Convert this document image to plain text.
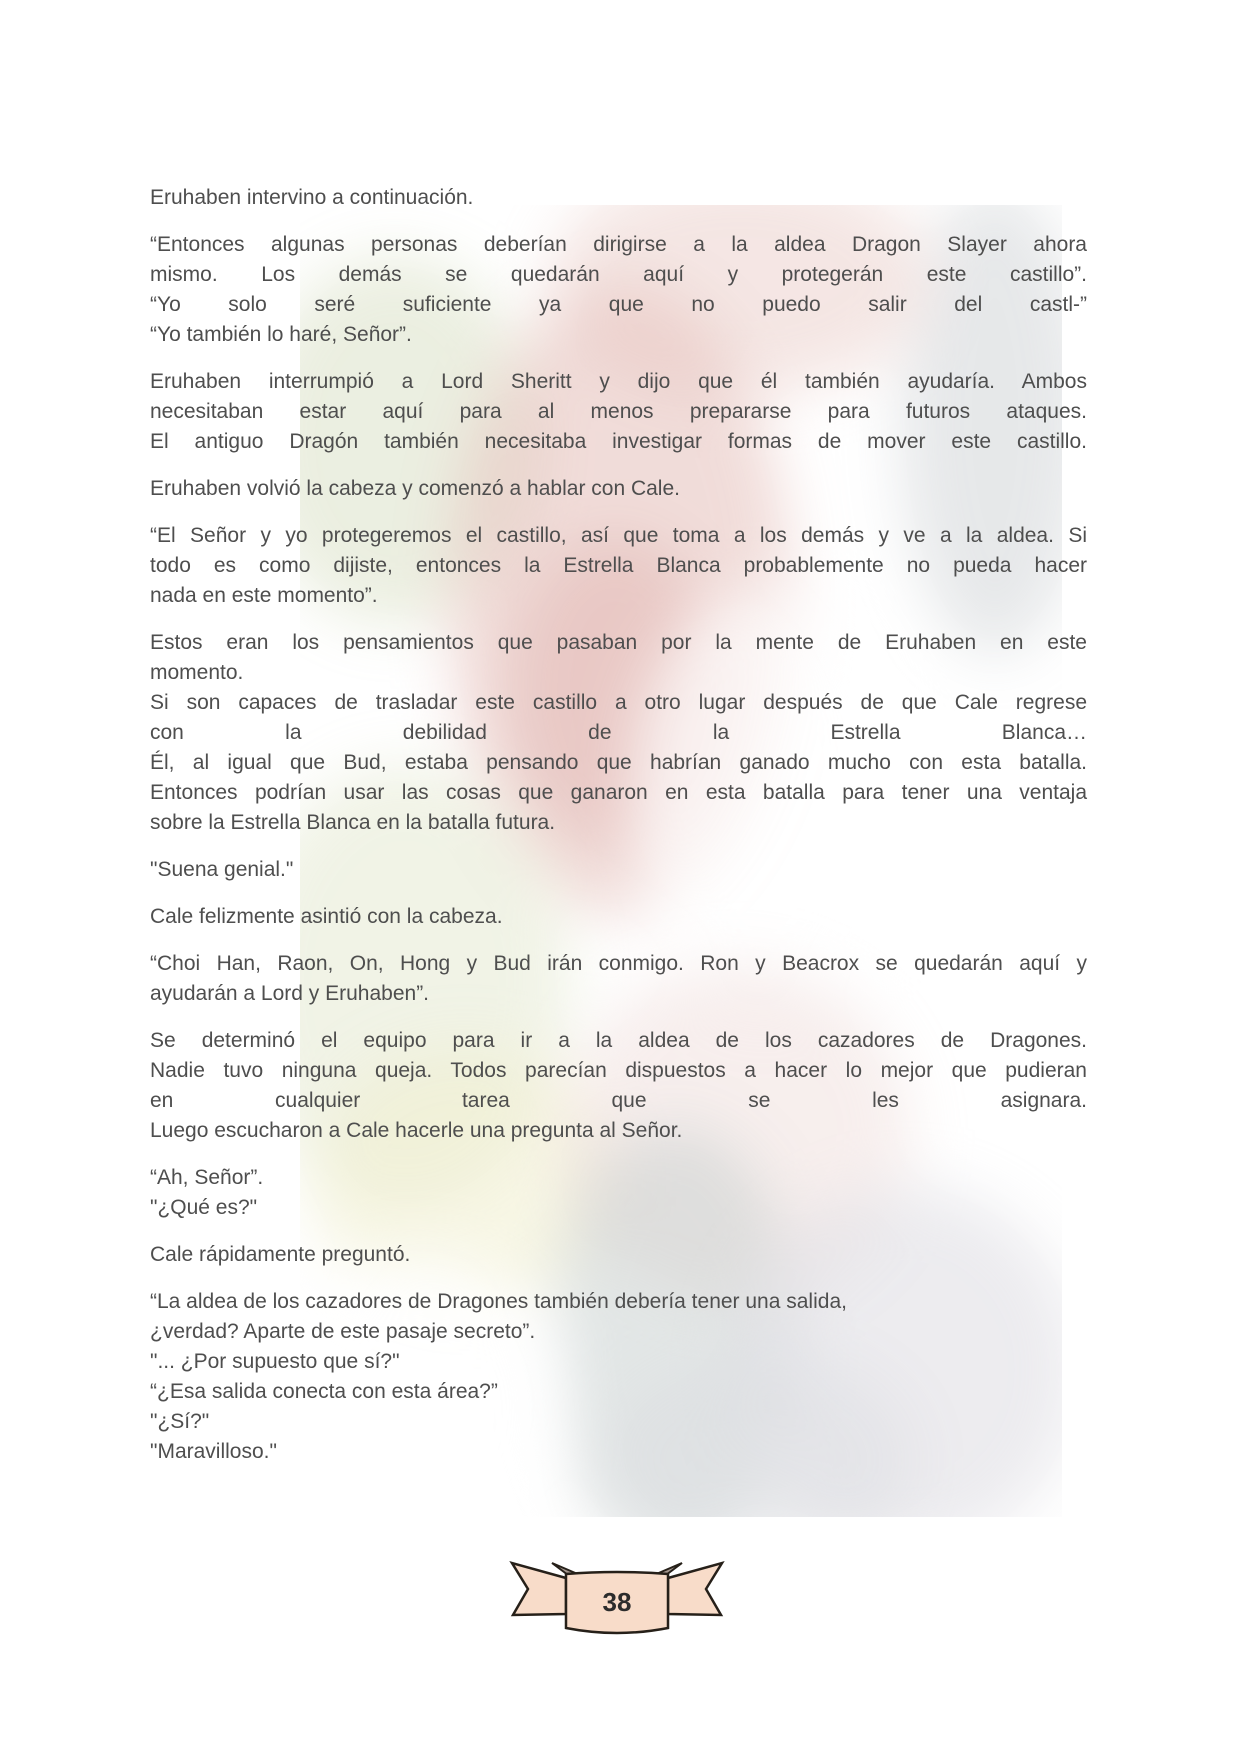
Eruhaben intervino a continuación.

“Entonces algunas personas deberían dirigirse a la aldea Dragon Slayer ahora
mismo. Los demás se quedarán aquí y protegerán este castillo”.
“Yo solo seré suficiente ya que no puedo salir del castl-”
“Yo también lo haré, Señor”.

Eruhaben interrumpió a Lord Sheritt y dijo que él también ayudaría. Ambos
necesitaban estar aquí para al menos prepararse para futuros ataques.
El antiguo Dragón también necesitaba investigar formas de mover este castillo.

Eruhaben volvió la cabeza y comenzó a hablar con Cale.

“El Señor y yo protegeremos el castillo, así que toma a los demás y ve a la aldea. Si
todo es como dijiste, entonces la Estrella Blanca probablemente no pueda hacer
nada en este momento”.

Estos eran los pensamientos que pasaban por la mente de Eruhaben en este
momento.
Si son capaces de trasladar este castillo a otro lugar después de que Cale regrese
con la debilidad de la Estrella Blanca…
Él, al igual que Bud, estaba pensando que habrían ganado mucho con esta batalla.
Entonces podrían usar las cosas que ganaron en esta batalla para tener una ventaja
sobre la Estrella Blanca en la batalla futura.

"Suena genial."

Cale felizmente asintió con la cabeza.

“Choi Han, Raon, On, Hong y Bud irán conmigo. Ron y Beacrox se quedarán aquí y
ayudarán a Lord y Eruhaben”.

Se determinó el equipo para ir a la aldea de los cazadores de Dragones.
Nadie tuvo ninguna queja. Todos parecían dispuestos a hacer lo mejor que pudieran
en cualquier tarea que se les asignara.
Luego escucharon a Cale hacerle una pregunta al Señor.

“Ah, Señor”.
"¿Qué es?"

Cale rápidamente preguntó.

“La aldea de los cazadores de Dragones también debería tener una salida,
¿verdad? Aparte de este pasaje secreto”.
"... ¿Por supuesto que sí?"
“¿Esa salida conecta con esta área?”
"¿Sí?"
"Maravilloso."

38
